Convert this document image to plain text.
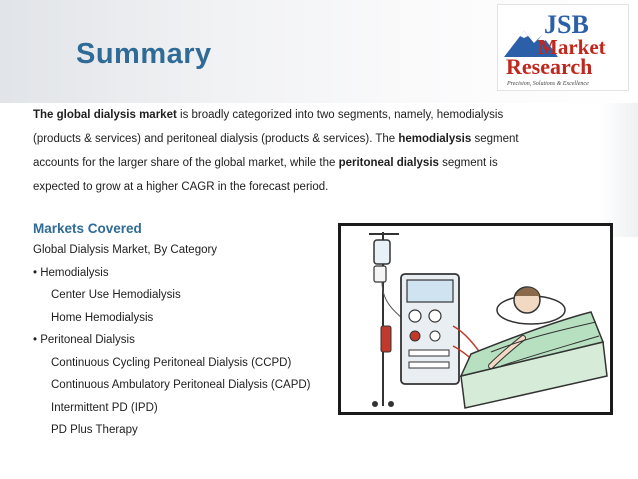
Summary
JSB
Market
Research
Precision, Solutions & Excellence

The global dialysis market is broadly categorized into two segments, namely, hemodialysis

(products & services) and peritoneal dialysis (products & services). The hemodialysis segment

accounts for the larger share of the global market, while the peritoneal dialysis segment is

expected to grow at a higher CAGR in the forecast period.

Markets Covered

Global Dialysis Market, By Category
• Hemodialysis
Center Use Hemodialysis
Home Hemodialysis
• Peritoneal Dialysis
Continuous Cycling Peritoneal Dialysis (CCPD)
Continuous Ambulatory Peritoneal Dialysis (CAPD)
Intermittent PD (IPD)
PD Plus Therapy
